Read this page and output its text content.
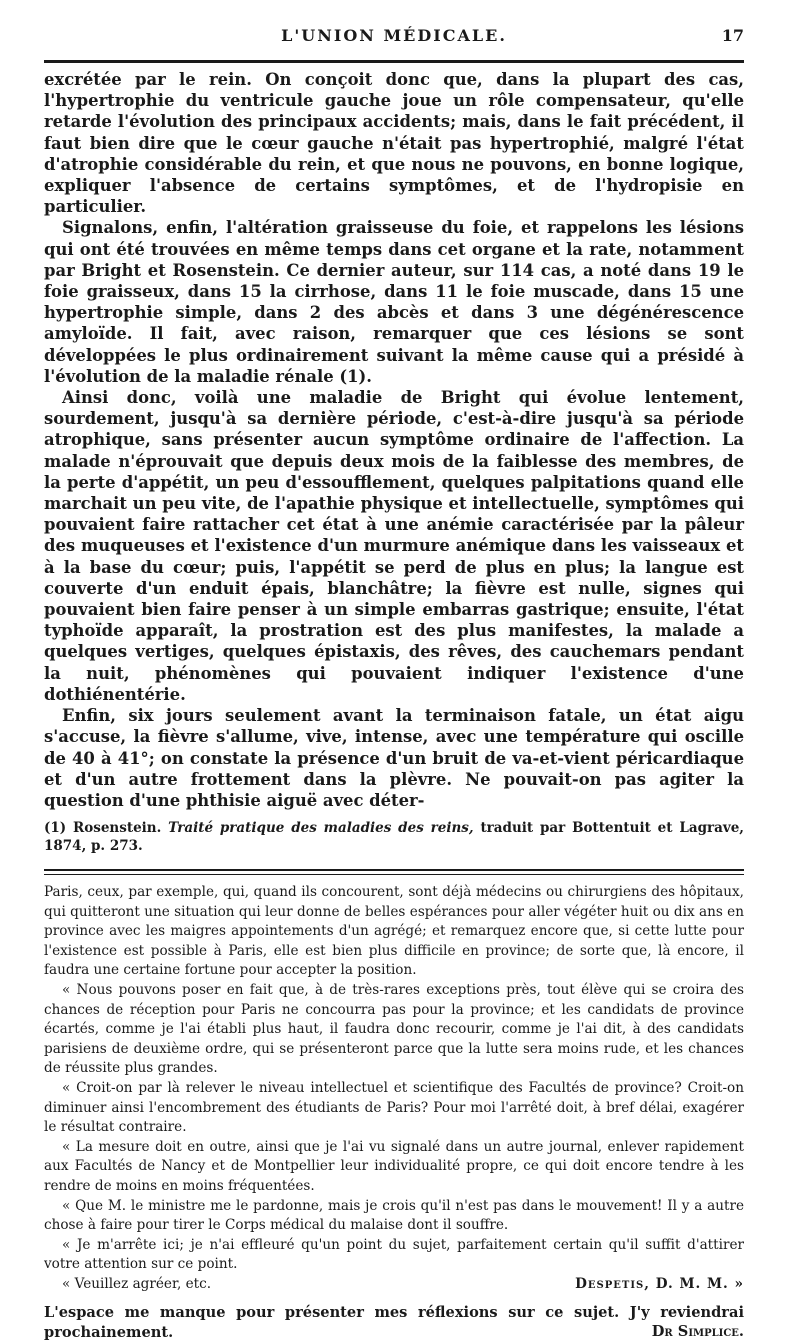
L'UNION MÉDICALE.	17

excrétée par le rein. On conçoit donc que, dans la plupart des cas, l'hypertrophie du ventricule gauche joue un rôle compensateur, qu'elle retarde l'évolution des principaux accidents; mais, dans le fait précédent, il faut bien dire que le cœur gauche n'était pas hypertrophié, malgré l'état d'atrophie considérable du rein, et que nous ne pouvons, en bonne logique, expliquer l'absence de certains symptômes, et de l'hydropisie en particulier.

Signalons, enfin, l'altération graisseuse du foie, et rappelons les lésions qui ont été trouvées en même temps dans cet organe et la rate, notamment par Bright et Rosenstein. Ce dernier auteur, sur 114 cas, a noté dans 19 le foie graisseux, dans 15 la cirrhose, dans 11 le foie muscade, dans 15 une hypertrophie simple, dans 2 des abcès et dans 3 une dégénérescence amyloïde. Il fait, avec raison, remarquer que ces lésions se sont développées le plus ordinairement suivant la même cause qui a présidé à l'évolution de la maladie rénale (1).

Ainsi donc, voilà une maladie de Bright qui évolue lentement, sourdement, jusqu'à sa dernière période, c'est-à-dire jusqu'à sa période atrophique, sans présenter aucun symptôme ordinaire de l'affection. La malade n'éprouvait que depuis deux mois de la faiblesse des membres, de la perte d'appétit, un peu d'essoufflement, quelques palpitations quand elle marchait un peu vite, de l'apathie physique et intellectuelle, symptômes qui pouvaient faire rattacher cet état à une anémie caractérisée par la pâleur des muqueuses et l'existence d'un murmure anémique dans les vaisseaux et à la base du cœur; puis, l'appétit se perd de plus en plus; la langue est couverte d'un enduit épais, blanchâtre; la fièvre est nulle, signes qui pouvaient bien faire penser à un simple embarras gastrique; ensuite, l'état typhoïde apparaît, la prostration est des plus manifestes, la malade a quelques vertiges, quelques épistaxis, des rêves, des cauchemars pendant la nuit, phénomènes qui pouvaient indiquer l'existence d'une dothiénentérie.

Enfin, six jours seulement avant la terminaison fatale, un état aigu s'accuse, la fièvre s'allume, vive, intense, avec une température qui oscille de 40 à 41°; on constate la présence d'un bruit de va-et-vient péricardiaque et d'un autre frottement dans la plèvre. Ne pouvait-on pas agiter la question d'une phthisie aiguë avec déter-

(1) Rosenstein. Traité pratique des maladies des reins, traduit par Bottentuit et Lagrave, 1874, p. 273.

Paris, ceux, par exemple, qui, quand ils concourent, sont déjà médecins ou chirurgiens des hôpitaux, qui quitteront une situation qui leur donne de belles espérances pour aller végéter huit ou dix ans en province avec les maigres appointements d'un agrégé; et remarquez encore que, si cette lutte pour l'existence est possible à Paris, elle est bien plus difficile en province; de sorte que, là encore, il faudra une certaine fortune pour accepter la position.

« Nous pouvons poser en fait que, à de très-rares exceptions près, tout élève qui se croira des chances de réception pour Paris ne concourra pas pour la province; et les candidats de province écartés, comme je l'ai établi plus haut, il faudra donc recourir, comme je l'ai dit, à des candidats parisiens de deuxième ordre, qui se présenteront parce que la lutte sera moins rude, et les chances de réussite plus grandes.

« Croit-on par là relever le niveau intellectuel et scientifique des Facultés de province? Croit-on diminuer ainsi l'encombrement des étudiants de Paris? Pour moi l'arrêté doit, à bref délai, exagérer le résultat contraire.

« La mesure doit en outre, ainsi que je l'ai vu signalé dans un autre journal, enlever rapidement aux Facultés de Nancy et de Montpellier leur individualité propre, ce qui doit encore tendre à les rendre de moins en moins fréquentées.

« Que M. le ministre me le pardonne, mais je crois qu'il n'est pas dans le mouvement! Il y a autre chose à faire pour tirer le Corps médical du malaise dont il souffre.

« Je m'arrête ici; je n'ai effleuré qu'un point du sujet, parfaitement certain qu'il suffit d'attirer votre attention sur ce point.

« Veuillez agréer, etc.	Despetis, D. M. M. »
L'espace me manque pour présenter mes réflexions sur ce sujet. J'y reviendrai prochainement.	Dr Simplice.
